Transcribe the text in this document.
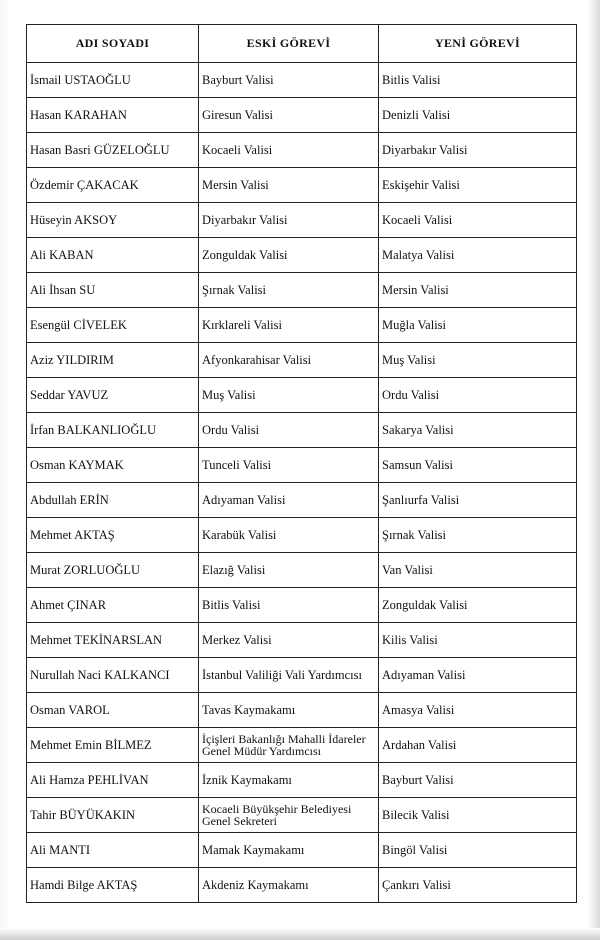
ADI SOYADI	ESKİ GÖREVİ	YENİ GÖREVİ
İsmail USTAOĞLU	Bayburt Valisi	Bitlis Valisi
Hasan KARAHAN	Giresun Valisi	Denizli Valisi
Hasan Basri GÜZELOĞLU	Kocaeli Valisi	Diyarbakır Valisi
Özdemir ÇAKACAK	Mersin Valisi	Eskişehir Valisi
Hüseyin AKSOY	Diyarbakır Valisi	Kocaeli Valisi
Ali KABAN	Zonguldak Valisi	Malatya Valisi
Ali İhsan SU	Şırnak Valisi	Mersin Valisi
Esengül CİVELEK	Kırklareli Valisi	Muğla Valisi
Aziz YILDIRIM	Afyonkarahisar Valisi	Muş Valisi
Seddar YAVUZ	Muş Valisi	Ordu Valisi
İrfan BALKANLIOĞLU	Ordu Valisi	Sakarya Valisi
Osman KAYMAK	Tunceli Valisi	Samsun Valisi
Abdullah ERİN	Adıyaman Valisi	Şanlıurfa Valisi
Mehmet AKTAŞ	Karabük Valisi	Şırnak Valisi
Murat ZORLUOĞLU	Elazığ Valisi	Van Valisi
Ahmet ÇINAR	Bitlis Valisi	Zonguldak Valisi
Mehmet TEKİNARSLAN	Merkez Valisi	Kilis Valisi
Nurullah Naci KALKANCI	İstanbul Valiliği Vali Yardımcısı	Adıyaman Valisi
Osman VAROL	Tavas Kaymakamı	Amasya Valisi
Mehmet Emin BİLMEZ	İçişleri Bakanlığı Mahalli İdareler Genel Müdür Yardımcısı	Ardahan Valisi
Ali Hamza PEHLİVAN	İznik Kaymakamı	Bayburt Valisi
Tahir BÜYÜKAKIN	Kocaeli Büyükşehir Belediyesi Genel Sekreteri	Bilecik Valisi
Ali MANTI	Mamak Kaymakamı	Bingöl Valisi
Hamdi Bilge AKTAŞ	Akdeniz Kaymakamı	Çankırı Valisi
